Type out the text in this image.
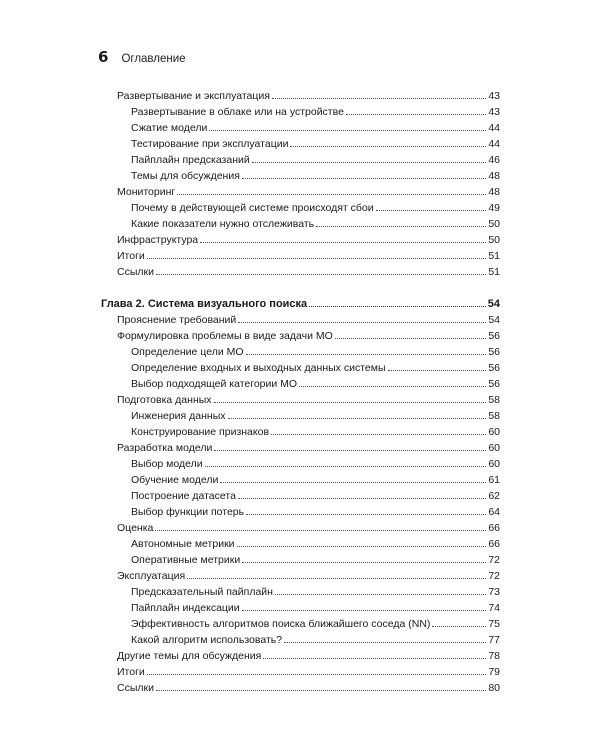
6 Оглавление
Развертывание и эксплуатация	43
Развертывание в облаке или на устройстве	43
Сжатие модели	44
Тестирование при эксплуатации	44
Пайплайн предсказаний	46
Темы для обсуждения	48
Мониторинг	48
Почему в действующей системе происходят сбои	49
Какие показатели нужно отслеживать	50
Инфраструктура	50
Итоги	51
Ссылки	51
Глава 2. Система визуального поиска	54
Прояснение требований	54
Формулировка проблемы в виде задачи МО	56
Определение цели МО	56
Определение входных и выходных данных системы	56
Выбор подходящей категории МО	56
Подготовка данных	58
Инженерия данных	58
Конструирование признаков	60
Разработка модели	60
Выбор модели	60
Обучение модели	61
Построение датасета	62
Выбор функции потерь	64
Оценка	66
Автономные метрики	66
Оперативные метрики	72
Эксплуатация	72
Предсказательный пайплайн	73
Пайплайн индексации	74
Эффективность алгоритмов поиска ближайшего соседа (NN)	75
Какой алгоритм использовать?	77
Другие темы для обсуждения	78
Итоги	79
Ссылки	80
